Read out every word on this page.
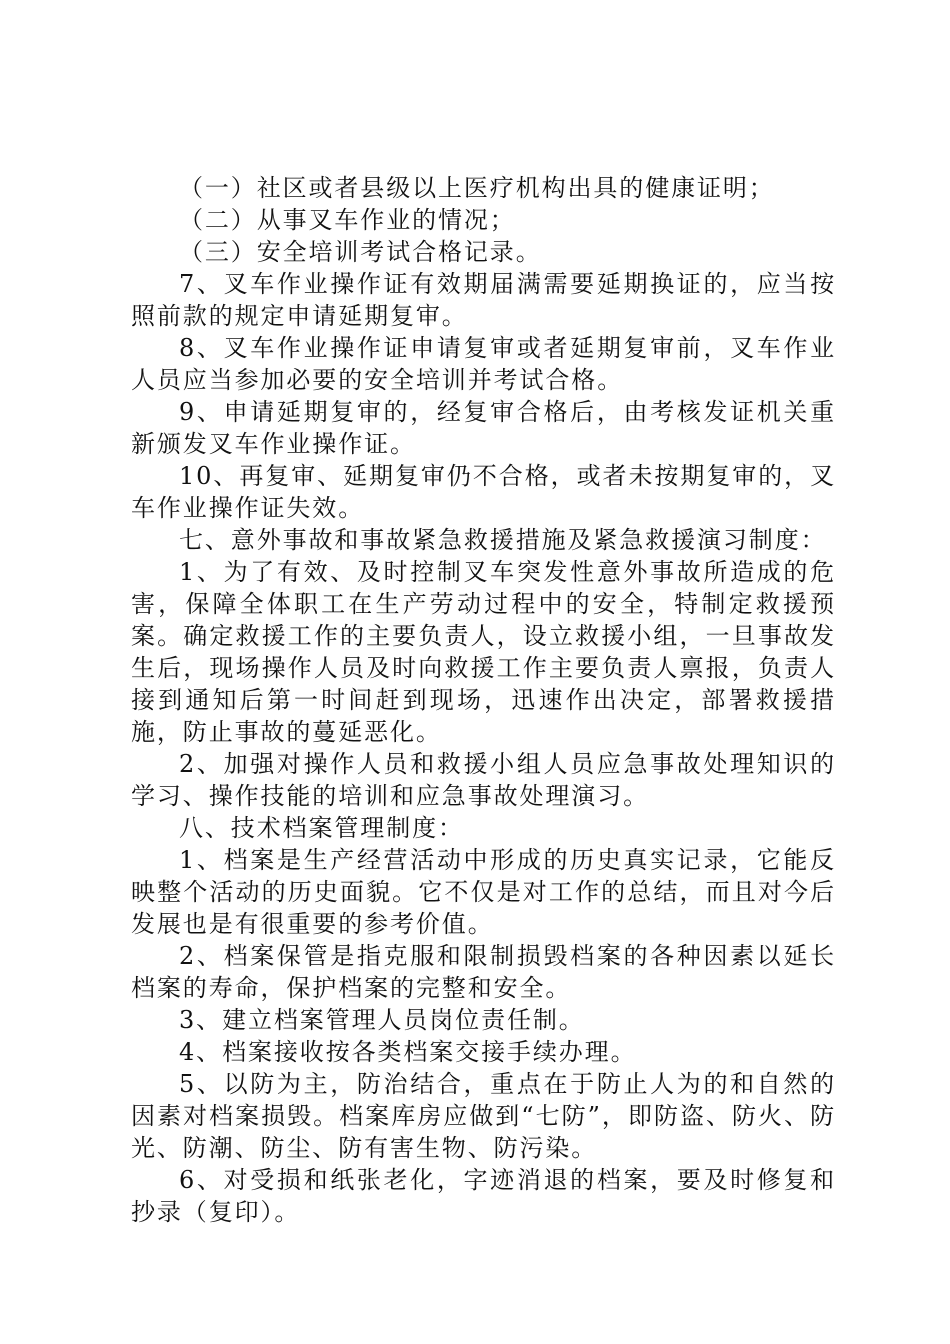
（一）社区或者县级以上医疗机构出具的健康证明；

（二）从事叉车作业的情况；

（三）安全培训考试合格记录。

7、叉车作业操作证有效期届满需要延期换证的，应当按照前款的规定申请延期复审。

8、叉车作业操作证申请复审或者延期复审前，叉车作业人员应当参加必要的安全培训并考试合格。

9、申请延期复审的，经复审合格后，由考核发证机关重新颁发叉车作业操作证。

10、再复审、延期复审仍不合格，或者未按期复审的，叉车作业操作证失效。

七、意外事故和事故紧急救援措施及紧急救援演习制度：

1、为了有效、及时控制叉车突发性意外事故所造成的危害，保障全体职工在生产劳动过程中的安全，特制定救援预案。确定救援工作的主要负责人，设立救援小组，一旦事故发生后，现场操作人员及时向救援工作主要负责人禀报，负责人接到通知后第一时间赶到现场，迅速作出决定，部署救援措施，防止事故的蔓延恶化。

2、加强对操作人员和救援小组人员应急事故处理知识的学习、操作技能的培训和应急事故处理演习。

八、技术档案管理制度：

1、档案是生产经营活动中形成的历史真实记录，它能反映整个活动的历史面貌。它不仅是对工作的总结，而且对今后发展也是有很重要的参考价值。

2、档案保管是指克服和限制损毁档案的各种因素以延长档案的寿命，保护档案的完整和安全。

3、建立档案管理人员岗位责任制。

4、档案接收按各类档案交接手续办理。

5、以防为主，防治结合，重点在于防止人为的和自然的因素对档案损毁。档案库房应做到“七防”，即防盗、防火、防光、防潮、防尘、防有害生物、防污染。

6、对受损和纸张老化，字迹消退的档案，要及时修复和抄录（复印）。
